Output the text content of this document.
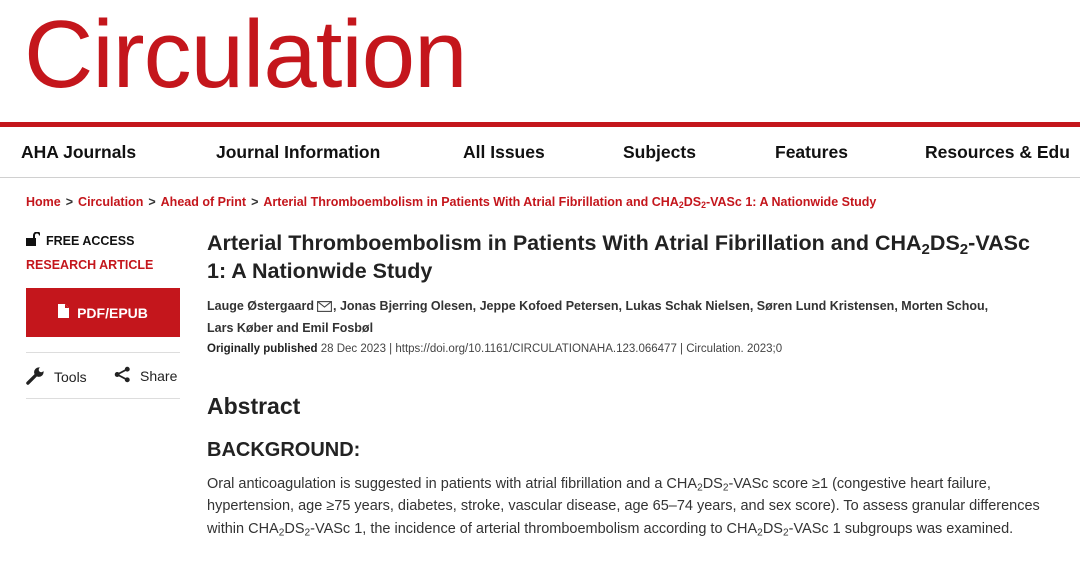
Circulation
AHA Journals	Journal Information	All Issues	Subjects	Features	Resources & Edu
Home > Circulation > Ahead of Print > Arterial Thromboembolism in Patients With Atrial Fibrillation and $CHA_2DS_2$-VASc 1: A Nationwide Study
FREE ACCESS
RESEARCH ARTICLE
PDF/EPUB
Tools	Share
Arterial Thromboembolism in Patients With Atrial Fibrillation and $CHA_2DS_2$-VASc 1: A Nationwide Study
Lauge Østergaard , Jonas Bjerring Olesen, Jeppe Kofoed Petersen, Lukas Schak Nielsen, Søren Lund Kristensen, Morten Schou,
Lars Køber and Emil Fosbøl
Originally published 28 Dec 2023 | https://doi.org/10.1161/CIRCULATIONAHA.123.066477 | Circulation. 2023;0
Abstract
BACKGROUND:

Oral anticoagulation is suggested in patients with atrial fibrillation and a $CHA_2DS_2$-VASc score ≥1 (congestive heart failure, hypertension, age ≥75 years, diabetes, stroke, vascular disease, age 65–74 years, and sex score). To assess granular differences within $CHA_2DS_2$-VASc 1, the incidence of arterial thromboembolism according to $CHA_2DS_2$-VASc 1 subgroups was examined.
